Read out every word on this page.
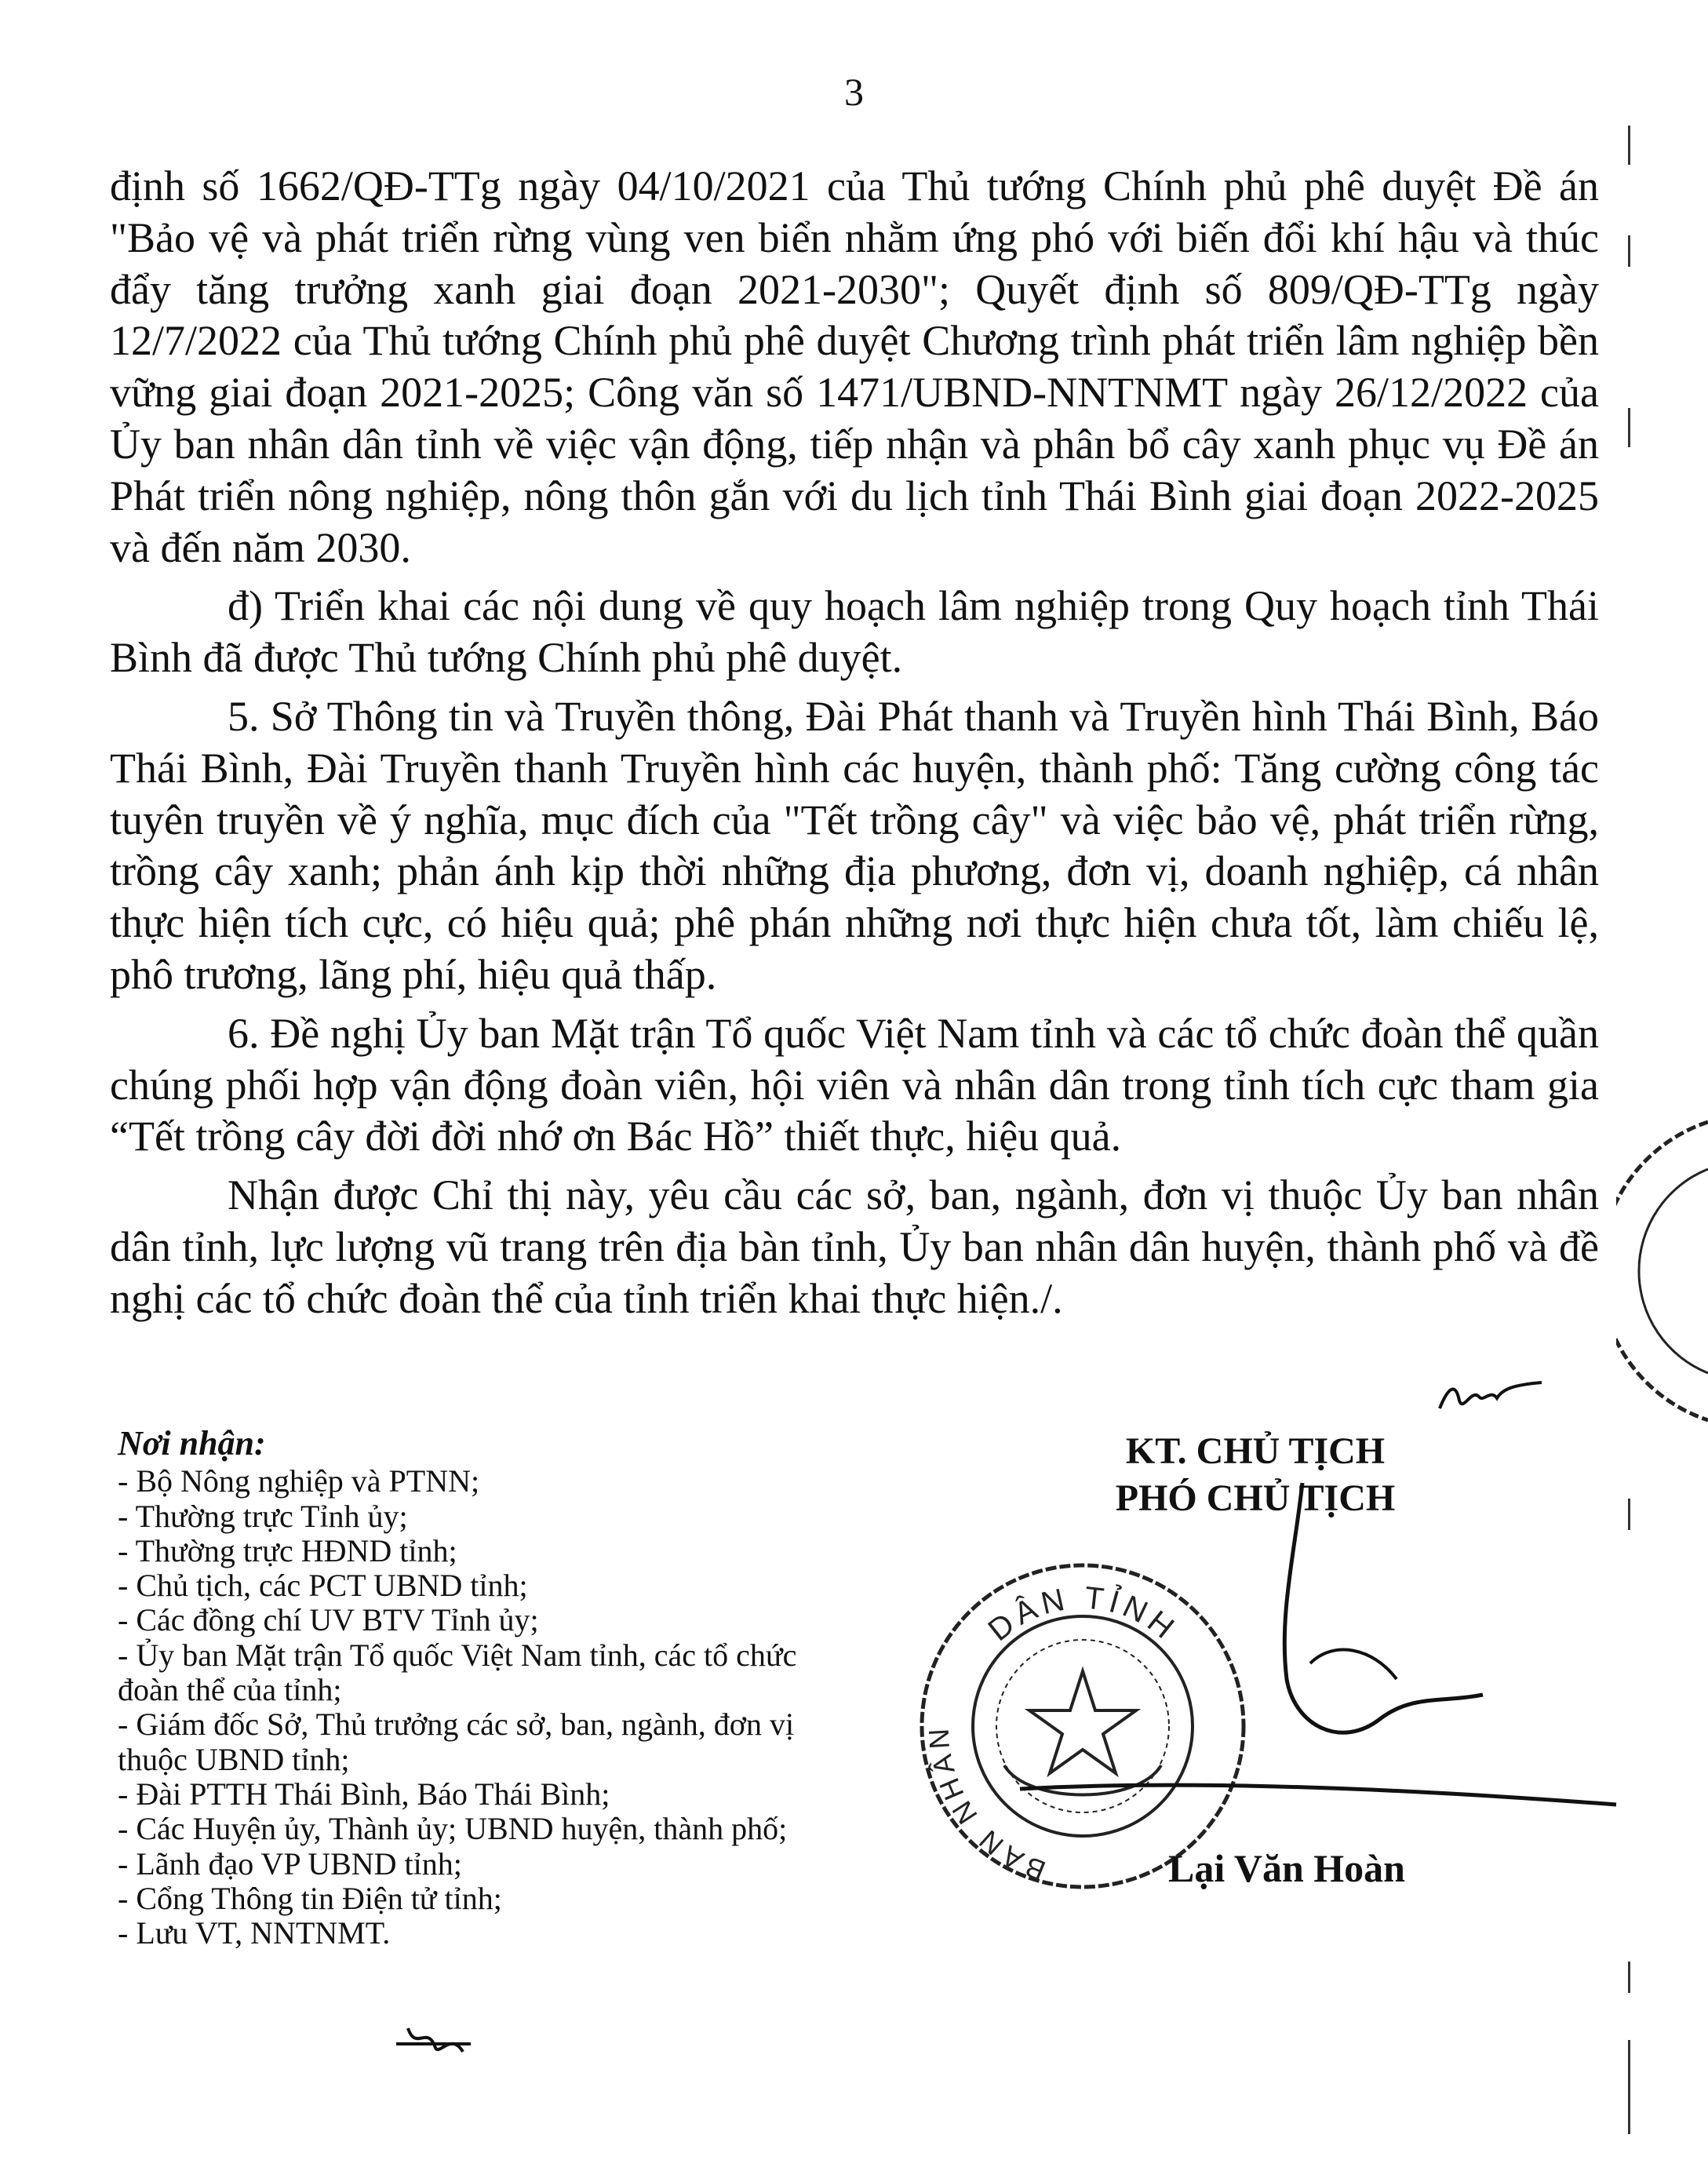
3

định số 1662/QĐ-TTg ngày 04/10/2021 của Thủ tướng Chính phủ phê duyệt Đề án "Bảo vệ và phát triển rừng vùng ven biển nhằm ứng phó với biến đổi khí hậu và thúc đẩy tăng trưởng xanh giai đoạn 2021-2030"; Quyết định số 809/QĐ-TTg ngày 12/7/2022 của Thủ tướng Chính phủ phê duyệt Chương trình phát triển lâm nghiệp bền vững giai đoạn 2021-2025; Công văn số 1471/UBND-NNTNMT ngày 26/12/2022 của Ủy ban nhân dân tỉnh về việc vận động, tiếp nhận và phân bổ cây xanh phục vụ Đề án Phát triển nông nghiệp, nông thôn gắn với du lịch tỉnh Thái Bình giai đoạn 2022-2025 và đến năm 2030.

đ) Triển khai các nội dung về quy hoạch lâm nghiệp trong Quy hoạch tỉnh Thái Bình đã được Thủ tướng Chính phủ phê duyệt.

5. Sở Thông tin và Truyền thông, Đài Phát thanh và Truyền hình Thái Bình, Báo Thái Bình, Đài Truyền thanh Truyền hình các huyện, thành phố: Tăng cường công tác tuyên truyền về ý nghĩa, mục đích của "Tết trồng cây" và việc bảo vệ, phát triển rừng, trồng cây xanh; phản ánh kịp thời những địa phương, đơn vị, doanh nghiệp, cá nhân thực hiện tích cực, có hiệu quả; phê phán những nơi thực hiện chưa tốt, làm chiếu lệ, phô trương, lãng phí, hiệu quả thấp.

6. Đề nghị Ủy ban Mặt trận Tổ quốc Việt Nam tỉnh và các tổ chức đoàn thể quần chúng phối hợp vận động đoàn viên, hội viên và nhân dân trong tỉnh tích cực tham gia “Tết trồng cây đời đời nhớ ơn Bác Hồ” thiết thực, hiệu quả.

Nhận được Chỉ thị này, yêu cầu các sở, ban, ngành, đơn vị thuộc Ủy ban nhân dân tỉnh, lực lượng vũ trang trên địa bàn tỉnh, Ủy ban nhân dân huyện, thành phố và đề nghị các tổ chức đoàn thể của tỉnh triển khai thực hiện./.

Nơi nhận:
- Bộ Nông nghiệp và PTNN;
- Thường trực Tỉnh ủy;
- Thường trực HĐND tỉnh;
- Chủ tịch, các PCT UBND tỉnh;
- Các đồng chí UV BTV Tỉnh ủy;
- Ủy ban Mặt trận Tổ quốc Việt Nam tỉnh, các tổ chức đoàn thể của tỉnh;
- Giám đốc Sở, Thủ trưởng các sở, ban, ngành, đơn vị thuộc UBND tỉnh;
- Đài PTTH Thái Bình, Báo Thái Bình;
- Các Huyện ủy, Thành ủy; UBND huyện, thành phố;
- Lãnh đạo VP UBND tỉnh;
- Cổng Thông tin Điện tử tỉnh;
- Lưu VT, NNTNMT.
KT. CHỦ TỊCH
PHÓ CHỦ TỊCH
DÂN TỈNH
BAN NHÂN
Lại Văn Hoàn
